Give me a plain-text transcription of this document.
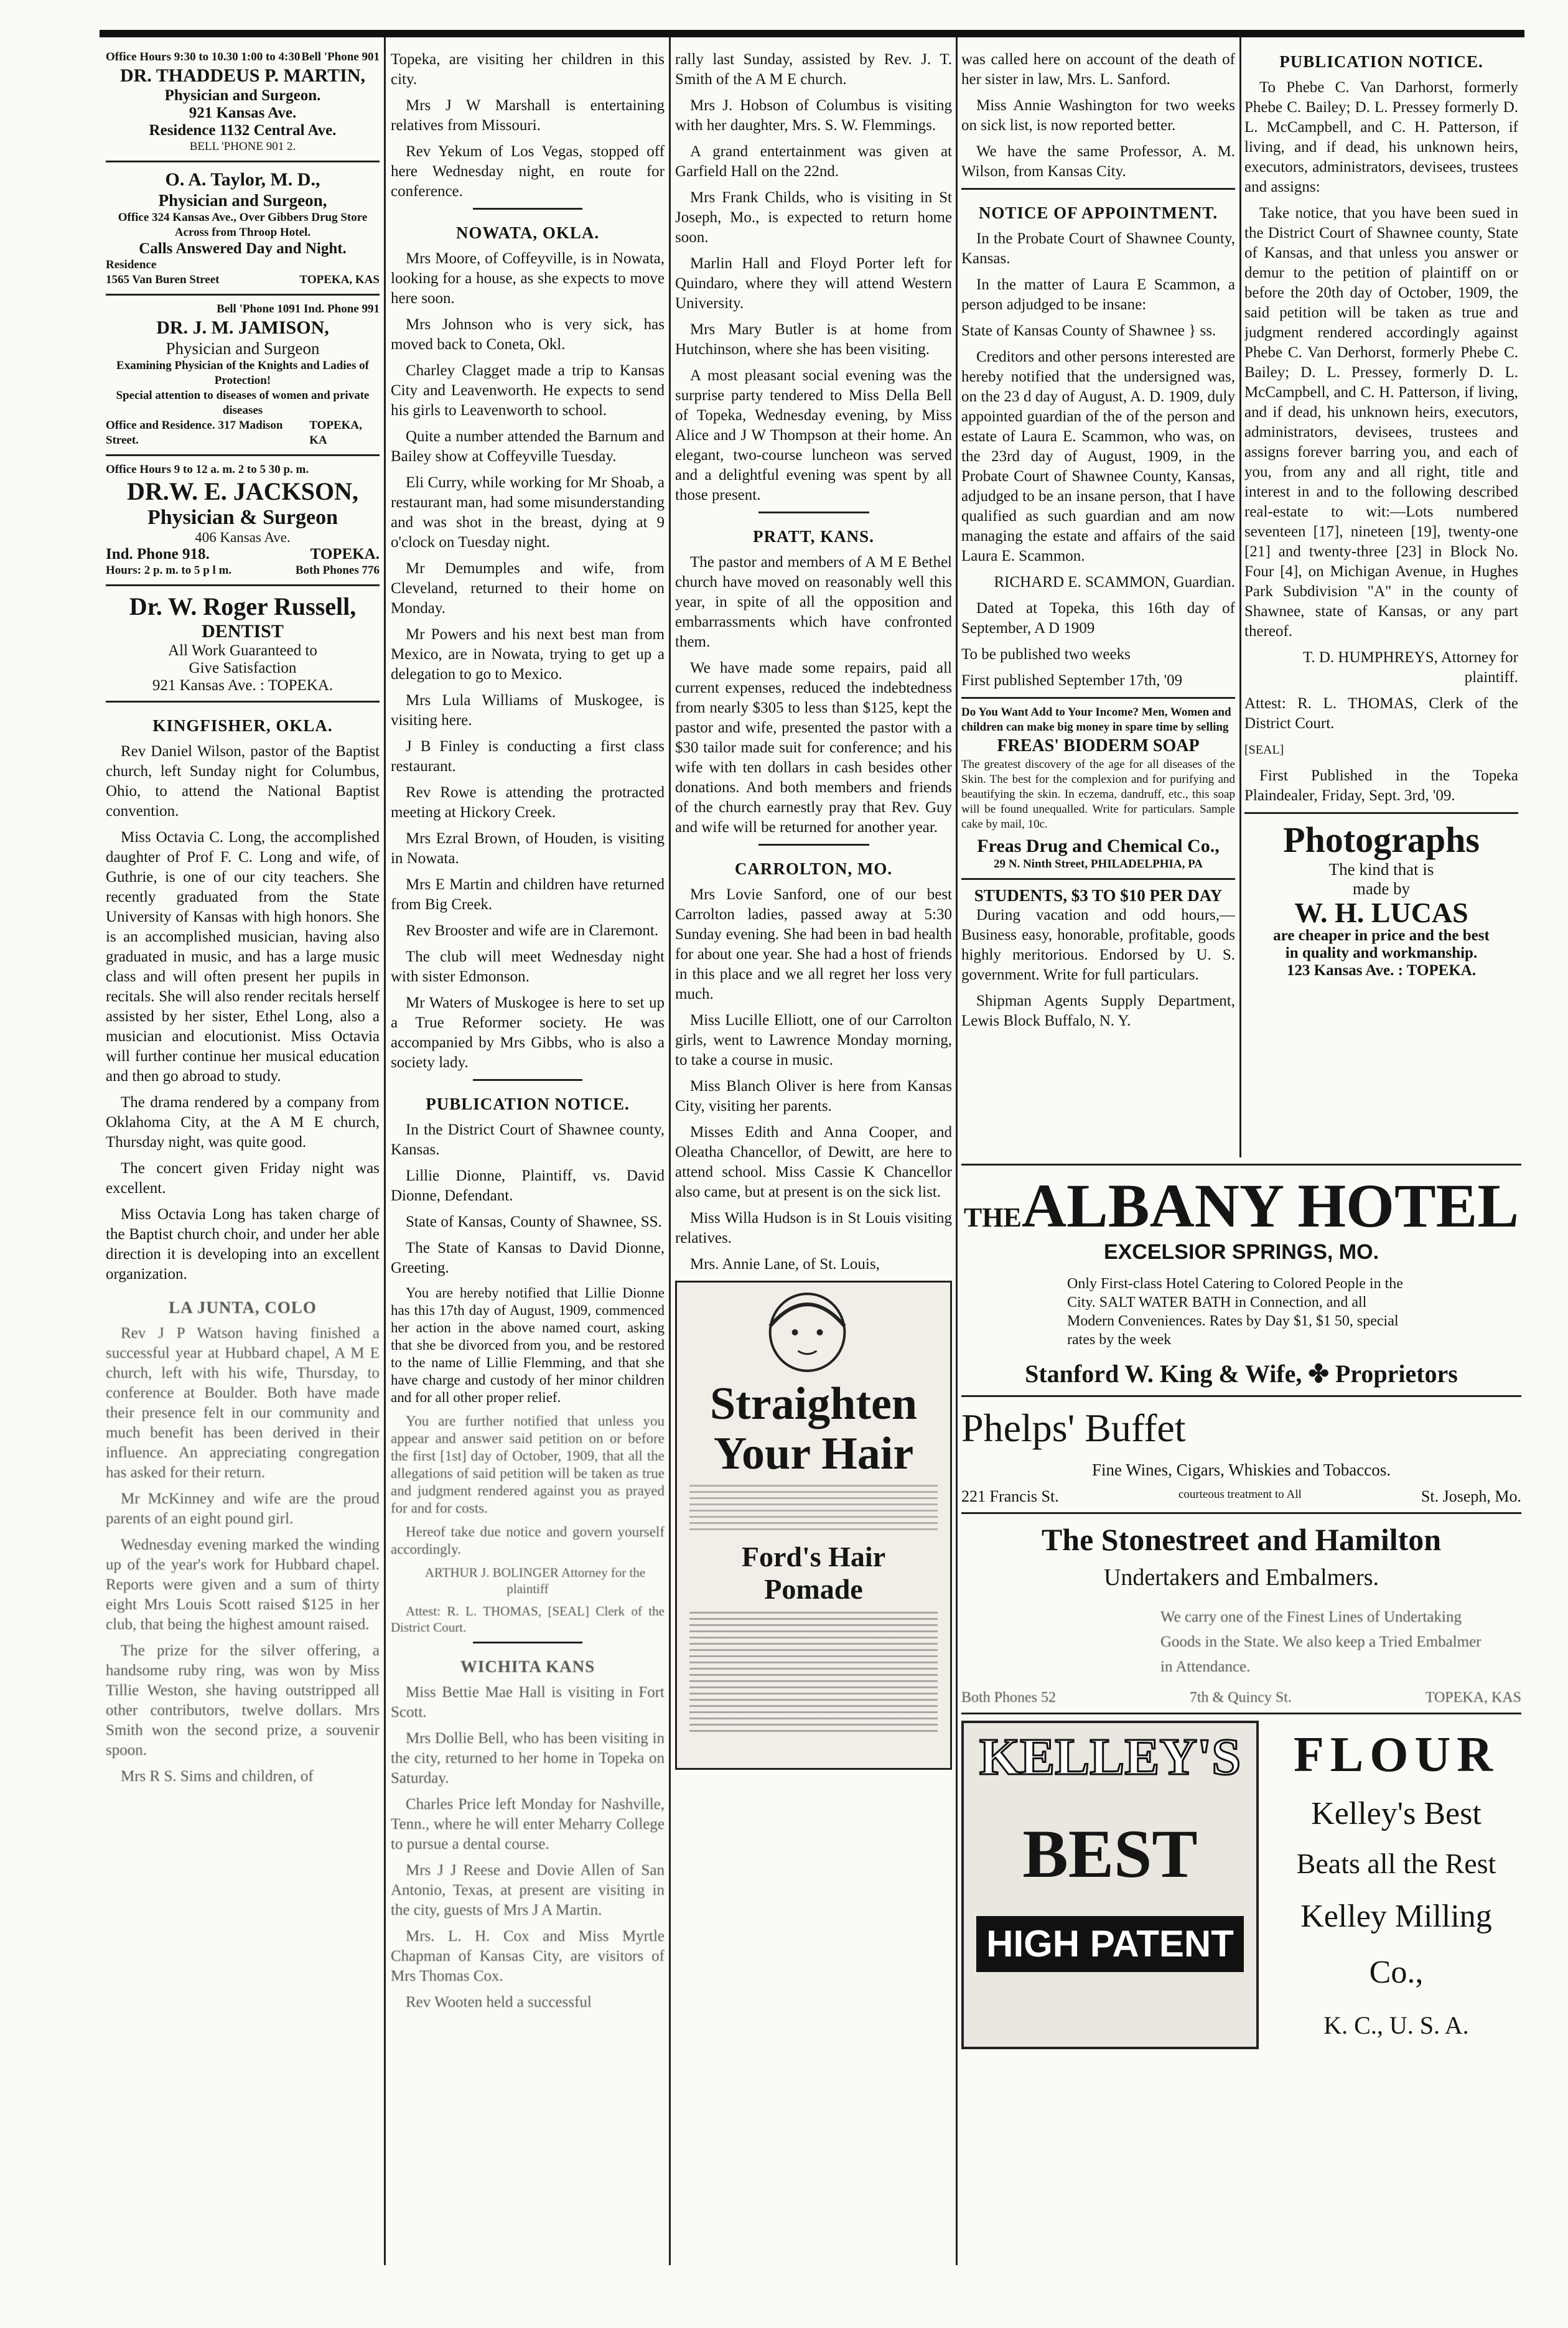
Office Hours 9:30 to 10.30 1:00 to 4:30 Bell 'Phone 901
DR. THADDEUS P. MARTIN,
Physician and Surgeon.
921 Kansas Ave.
Residence 1132 Central Ave.
BELL 'PHONE 901 2.
O. A. Taylor, M. D.,
Physician and Surgeon,
Office 324 Kansas Ave., Over Gibbers Drug Store Across from Throop Hotel.
Calls Answered Day and Night.
Residence
1565 Van Buren Street	TOPEKA, KAS
Bell 'Phone 1091 Ind. Phone 991
DR. J. M. JAMISON,
Physician and Surgeon
Examining Physician of the Knights and Ladies of Protection!
Special attention to diseases of women and private diseases
Office and Residence. 317 Madison Street.
TOPEKA, KA
Office Hours 9 to 12 a. m. 2 to 5 30 p. m.
DR.W. E. JACKSON,
Physician & Surgeon
406 Kansas Ave.
Ind. Phone 918.	TOPEKA.
Hours: 2 p. m. to 5 p l m.	Both Phones 776
Dr. W. Roger Russell,
DENTIST
All Work Guaranteed to
Give Satisfaction
921 Kansas Ave. : TOPEKA.
KINGFISHER, OKLA.

Rev Daniel Wilson, pastor of the Baptist church, left Sunday night for Columbus, Ohio, to attend the National Baptist convention.

Miss Octavia C. Long, the accomplished daughter of Prof F. C. Long and wife, of Guthrie, is one of our city teachers. She recently graduated from the State University of Kansas with high honors. She is an accomplished musician, having also graduated in music, and has a large music class and will often present her pupils in recitals. She will also render recitals herself assisted by her sister, Ethel Long, also a musician and elocutionist. Miss Octavia will further continue her musical education and then go abroad to study.

The drama rendered by a company from Oklahoma City, at the A M E church, Thursday night, was quite good.

The concert given Friday night was excellent.

Miss Octavia Long has taken charge of the Baptist church choir, and under her able direction it is developing into an excellent organization.

LA JUNTA, COLO

Rev J P Watson having finished a successful year at Hubbard chapel, A M E church, left with his wife, Thursday, to conference at Boulder. Both have made their presence felt in our community and much benefit has been derived in their influence. An appreciating congregation has asked for their return.

Mr McKinney and wife are the proud parents of an eight pound girl.

Wednesday evening marked the winding up of the year's work for Hubbard chapel. Reports were given and a sum of thirty eight Mrs Louis Scott raised $125 in her club, that being the highest amount raised.

The prize for the silver offering, a handsome ruby ring, was won by Miss Tillie Weston, she having outstripped all other contributors, twelve dollars. Mrs Smith won the second prize, a souvenir spoon.

Mrs R S. Sims and children, of

Topeka, are visiting her children in this city.

Mrs J W Marshall is entertaining relatives from Missouri.

Rev Yekum of Los Vegas, stopped off here Wednesday night, en route for conference.

NOWATA, OKLA.

Mrs Moore, of Coffeyville, is in Nowata, looking for a house, as she expects to move here soon.

Mrs Johnson who is very sick, has moved back to Coneta, Okl.

Charley Clagget made a trip to Kansas City and Leavenworth. He expects to send his girls to Leavenworth to school.

Quite a number attended the Barnum and Bailey show at Coffeyville Tuesday.

Eli Curry, while working for Mr Shoab, a restaurant man, had some misunderstanding and was shot in the breast, dying at 9 o'clock on Tuesday night.

Mr Demumples and wife, from Cleveland, returned to their home on Monday.

Mr Powers and his next best man from Mexico, are in Nowata, trying to get up a delegation to go to Mexico.

Mrs Lula Williams of Muskogee, is visiting here.

J B Finley is conducting a first class restaurant.

Rev Rowe is attending the protracted meeting at Hickory Creek.

Mrs Ezral Brown, of Houden, is visiting in Nowata.

Mrs E Martin and children have returned from Big Creek.

Rev Brooster and wife are in Claremont.

The club will meet Wednesday night with sister Edmonson.

Mr Waters of Muskogee is here to set up a True Reformer society. He was accompanied by Mrs Gibbs, who is also a society lady.

PUBLICATION NOTICE.

In the District Court of Shawnee county, Kansas.

Lillie Dionne, Plaintiff, vs. David Dionne, Defendant.

State of Kansas, County of Shawnee, SS.

The State of Kansas to David Dionne, Greeting.

You are hereby notified that Lillie Dionne has this 17th day of August, 1909, commenced her action in the above named court, asking that she be divorced from you, and be restored to the name of Lillie Flemming, and that she have charge and custody of her minor children and for all other proper relief.

You are further notified that unless you appear and answer said petition on or before the first [1st] day of October, 1909, that all the allegations of said petition will be taken as true and judgment rendered against you as prayed for and for costs.

Hereof take due notice and govern yourself accordingly.

ARTHUR J. BOLINGER Attorney for the plaintiff

Attest: R. L. THOMAS, [SEAL] Clerk of the District Court.

WICHITA KANS

Miss Bettie Mae Hall is visiting in Fort Scott.

Mrs Dollie Bell, who has been visiting in the city, returned to her home in Topeka on Saturday.

Charles Price left Monday for Nashville, Tenn., where he will enter Meharry College to pursue a dental course.

Mrs J J Reese and Dovie Allen of San Antonio, Texas, at present are visiting in the city, guests of Mrs J A Martin.

Mrs. L. H. Cox and Miss Myrtle Chapman of Kansas City, are visitors of Mrs Thomas Cox.

Rev Wooten held a successful

rally last Sunday, assisted by Rev. J. T. Smith of the A M E church.

Mrs J. Hobson of Columbus is visiting with her daughter, Mrs. S. W. Flemmings.

A grand entertainment was given at Garfield Hall on the 22nd.

Mrs Frank Childs, who is visiting in St Joseph, Mo., is expected to return home soon.

Marlin Hall and Floyd Porter left for Quindaro, where they will attend Western University.

Mrs Mary Butler is at home from Hutchinson, where she has been visiting.

A most pleasant social evening was the surprise party tendered to Miss Della Bell of Topeka, Wednesday evening, by Miss Alice and J W Thompson at their home. An elegant, two-course luncheon was served and a delightful evening was spent by all those present.

PRATT, KANS.

The pastor and members of A M E Bethel church have moved on reasonably well this year, in spite of all the opposition and embarrassments which have confronted them.

We have made some repairs, paid all current expenses, reduced the indebtedness from nearly $305 to less than $125, kept the pastor and wife, presented the pastor with a $30 tailor made suit for conference; and his wife with ten dollars in cash besides other donations. And both members and friends of the church earnestly pray that Rev. Guy and wife will be returned for another year.

CARROLTON, MO.

Mrs Lovie Sanford, one of our best Carrolton ladies, passed away at 5:30 Sunday evening. She had been in bad health for about one year. She had a host of friends in this place and we all regret her loss very much.

Miss Lucille Elliott, one of our Carrolton girls, went to Lawrence Monday morning, to take a course in music.

Miss Blanch Oliver is here from Kansas City, visiting her parents.

Misses Edith and Anna Cooper, and Oleatha Chancellor, of Dewitt, are here to attend school. Miss Cassie K Chancellor also came, but at present is on the sick list.

Miss Willa Hudson is in St Louis visiting relatives.

Mrs. Annie Lane, of St. Louis,

Straighten
Your Hair
Ford's Hair
Pomade

was called here on account of the death of her sister in law, Mrs. L. Sanford.

Miss Annie Washington for two weeks on sick list, is now reported better.

We have the same Professor, A. M. Wilson, from Kansas City.

NOTICE OF APPOINTMENT.

In the Probate Court of Shawnee County, Kansas.

In the matter of Laura E Scammon, a person adjudged to be insane:

State of Kansas County of Shawnee } ss.

Creditors and other persons interested are hereby notified that the undersigned was, on the 23 d day of August, A. D. 1909, duly appointed guardian of the of the person and estate of Laura E. Scammon, who was, on the 23rd day of August, 1909, in the Probate Court of Shawnee County, Kansas, adjudged to be an insane person, that I have qualified as such guardian and am now managing the estate and affairs of the said Laura E. Scammon.

RICHARD E. SCAMMON, Guardian.

Dated at Topeka, this 16th day of September, A D 1909

To be published two weeks

First published September 17th, '09

Do You Want Add to Your Income? Men, Women and children can make big money in spare time by selling
FREAS' BIODERM SOAP
The greatest discovery of the age for all diseases of the Skin. The best for the complexion and for purifying and beautifying the skin. In eczema, dandruff, etc., this soap will be found unequalled. Write for particulars. Sample cake by mail, 10c.
Freas Drug and Chemical Co.,
29 N. Ninth Street, PHILADELPHIA, PA
STUDENTS, $3 TO $10 PER DAY

During vacation and odd hours,— Business easy, honorable, profitable, goods highly meritorious. Endorsed by U. S. government. Write for full particulars.

Shipman Agents Supply Department, Lewis Block Buffalo, N. Y.

PUBLICATION NOTICE.

To Phebe C. Van Darhorst, formerly Phebe C. Bailey; D. L. Pressey formerly D. L. McCampbell, and C. H. Patterson, if living, and if dead, his unknown heirs, executors, administrators, devisees, trustees and assigns:

Take notice, that you have been sued in the District Court of Shawnee county, State of Kansas, and that unless you answer or demur to the petition of plaintiff on or before the 20th day of October, 1909, the said petition will be taken as true and judgment rendered accordingly against Phebe C. Van Derhorst, formerly Phebe C. Bailey; D. L. Pressey, formerly D. L. McCampbell, and C. H. Patterson, if living, and if dead, his unknown heirs, executors, administrators, devisees, trustees and assigns forever barring you, and each of you, from any and all right, title and interest in and to the following described real-estate to wit:—Lots numbered seventeen [17], nineteen [19], twenty-one [21] and twenty-three [23] in Block No. Four [4], on Michigan Avenue, in Hughes Park Subdivision "A" in the county of Shawnee, state of Kansas, or any part thereof.

T. D. HUMPHREYS, Attorney for plaintiff.

Attest: R. L. THOMAS, Clerk of the District Court.

[SEAL]

First Published in the Topeka Plaindealer, Friday, Sept. 3rd, '09.

Photographs
The kind that is
made by
W. H. LUCAS
are cheaper in price and the best
in quality and workmanship.
123 Kansas Ave. : TOPEKA.
THE ALBANY HOTEL
EXCELSIOR SPRINGS, MO.
Only First-class Hotel Catering to Colored People in the City. SALT WATER BATH in Connection, and all Modern Conveniences. Rates by Day $1, $1 50, special rates by the week
Stanford W. King & Wife, ✤ Proprietors
Phelps' Buffet
Fine Wines, Cigars, Whiskies and Tobaccos.
221 Francis St.	courteous treatment to All	St. Joseph, Mo.
The Stonestreet and Hamilton
Undertakers and Embalmers.
We carry one of the Finest Lines of Undertaking Goods in the State. We also keep a Tried Embalmer in Attendance.
Both Phones 52	7th & Quincy St.	TOPEKA, KAS
KELLEY'S
BEST
HIGH PATENT
FLOUR
Kelley's Best
Beats all the Rest
Kelley Milling Co.,
K. C., U. S. A.
